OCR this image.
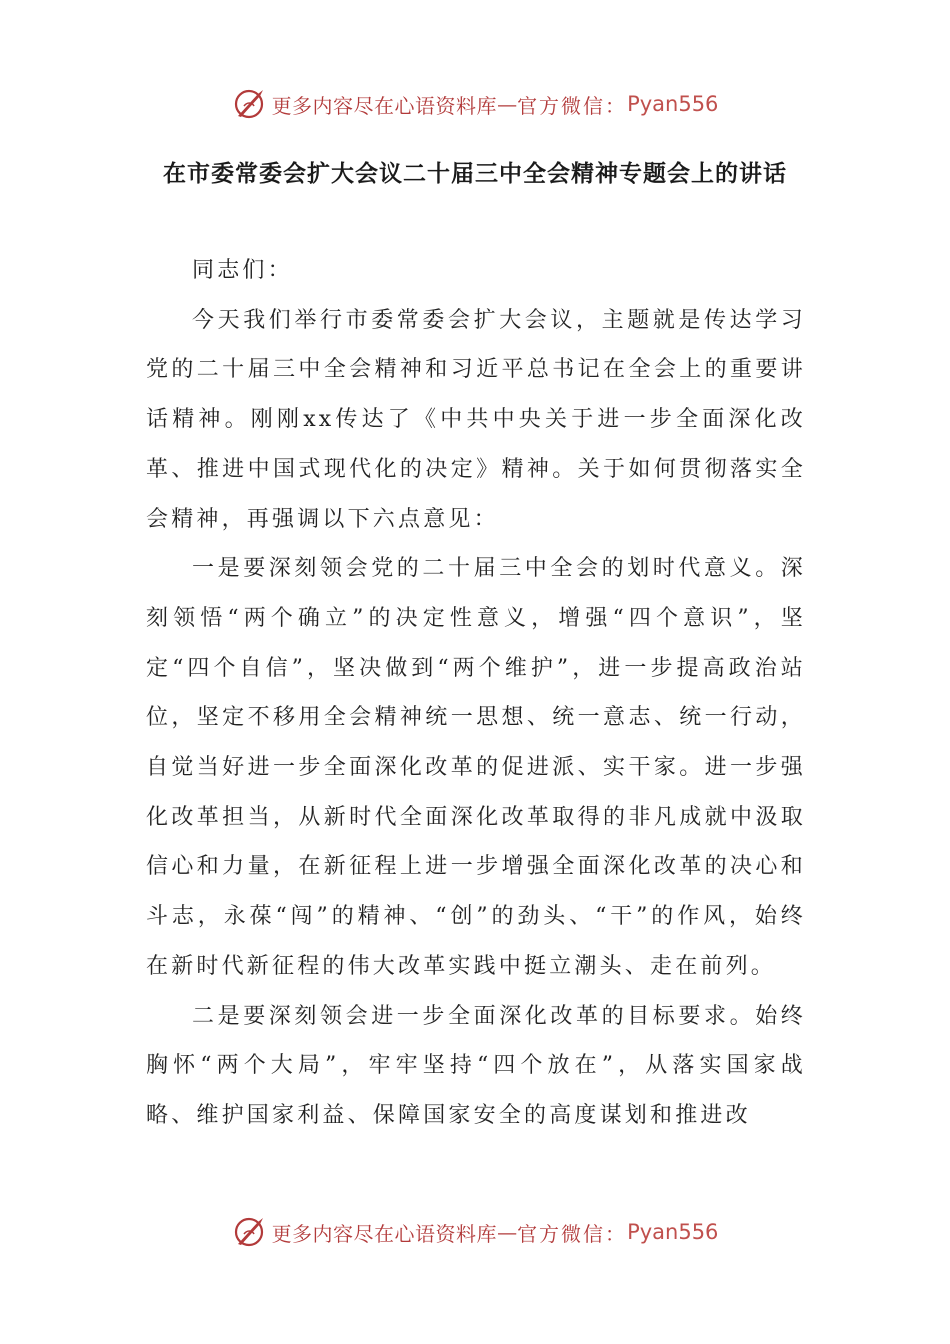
更多内容尽在心语资料库 — 官方微信： Pyan556
在市委常委会扩大会议二十届三中全会精神专题会上的讲话

同志们：

今天我们举行市委常委会扩大会议，主题就是传达学习党的二十届三中全会精神和习近平总书记在全会上的重要讲话精神。刚刚xx传达了《中共中央关于进一步全面深化改革、推进中国式现代化的决定》精神。关于如何贯彻落实全会精神，再强调以下六点意见：

一是要深刻领会党的二十届三中全会的划时代意义。深刻领悟“两个确立”的决定性意义，增强“四个意识”，坚定“四个自信”，坚决做到“两个维护”，进一步提高政治站位，坚定不移用全会精神统一思想、统一意志、统一行动，自觉当好进一步全面深化改革的促进派、实干家。进一步强化改革担当，从新时代全面深化改革取得的非凡成就中汲取信心和力量，在新征程上进一步增强全面深化改革的决心和斗志，永葆“闯”的精神、“创”的劲头、“干”的作风，始终在新时代新征程的伟大改革实践中挺立潮头、走在前列。

二是要深刻领会进一步全面深化改革的目标要求。始终胸怀“两个大局”，牢牢坚持“四个放在”，从落实国家战略、维护国家利益、保障国家安全的高度谋划和推进改

更多内容尽在心语资料库 — 官方微信： Pyan556
